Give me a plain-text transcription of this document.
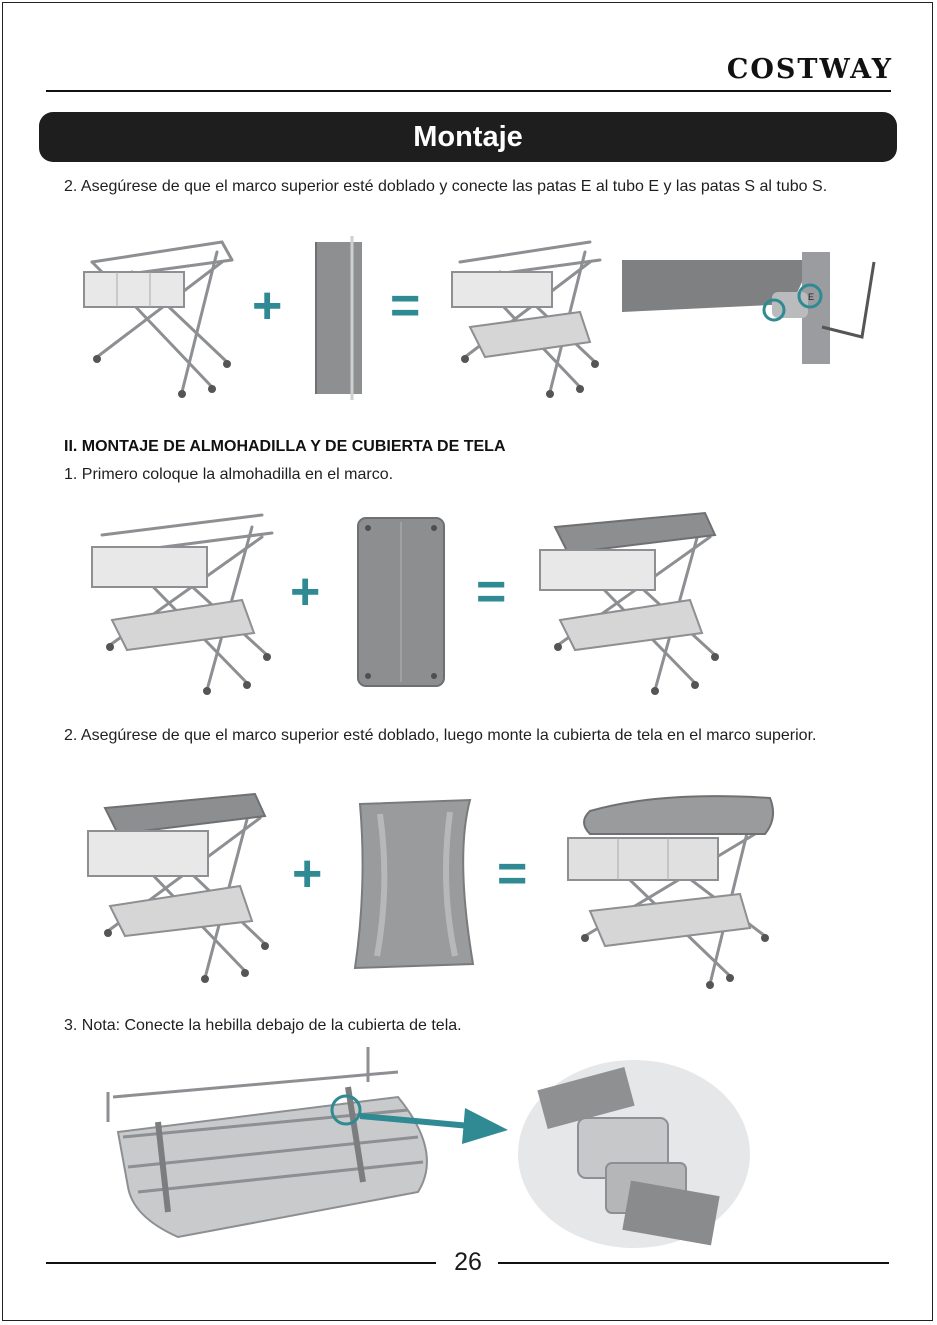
COSTWAY
Montaje
2. Asegúrese de que el marco superior esté doblado y conecte las patas E al tubo E y las patas S al tubo S.
+ =	E
II. MONTAJE DE ALMOHADILLA Y DE CUBIERTA DE TELA
1. Primero coloque la almohadilla en el marco.
+	=
2. Asegúrese de que el marco superior esté doblado, luego monte la cubierta de tela en el marco superior.
+	=
3. Nota: Conecte la hebilla debajo de la cubierta de tela.
26
